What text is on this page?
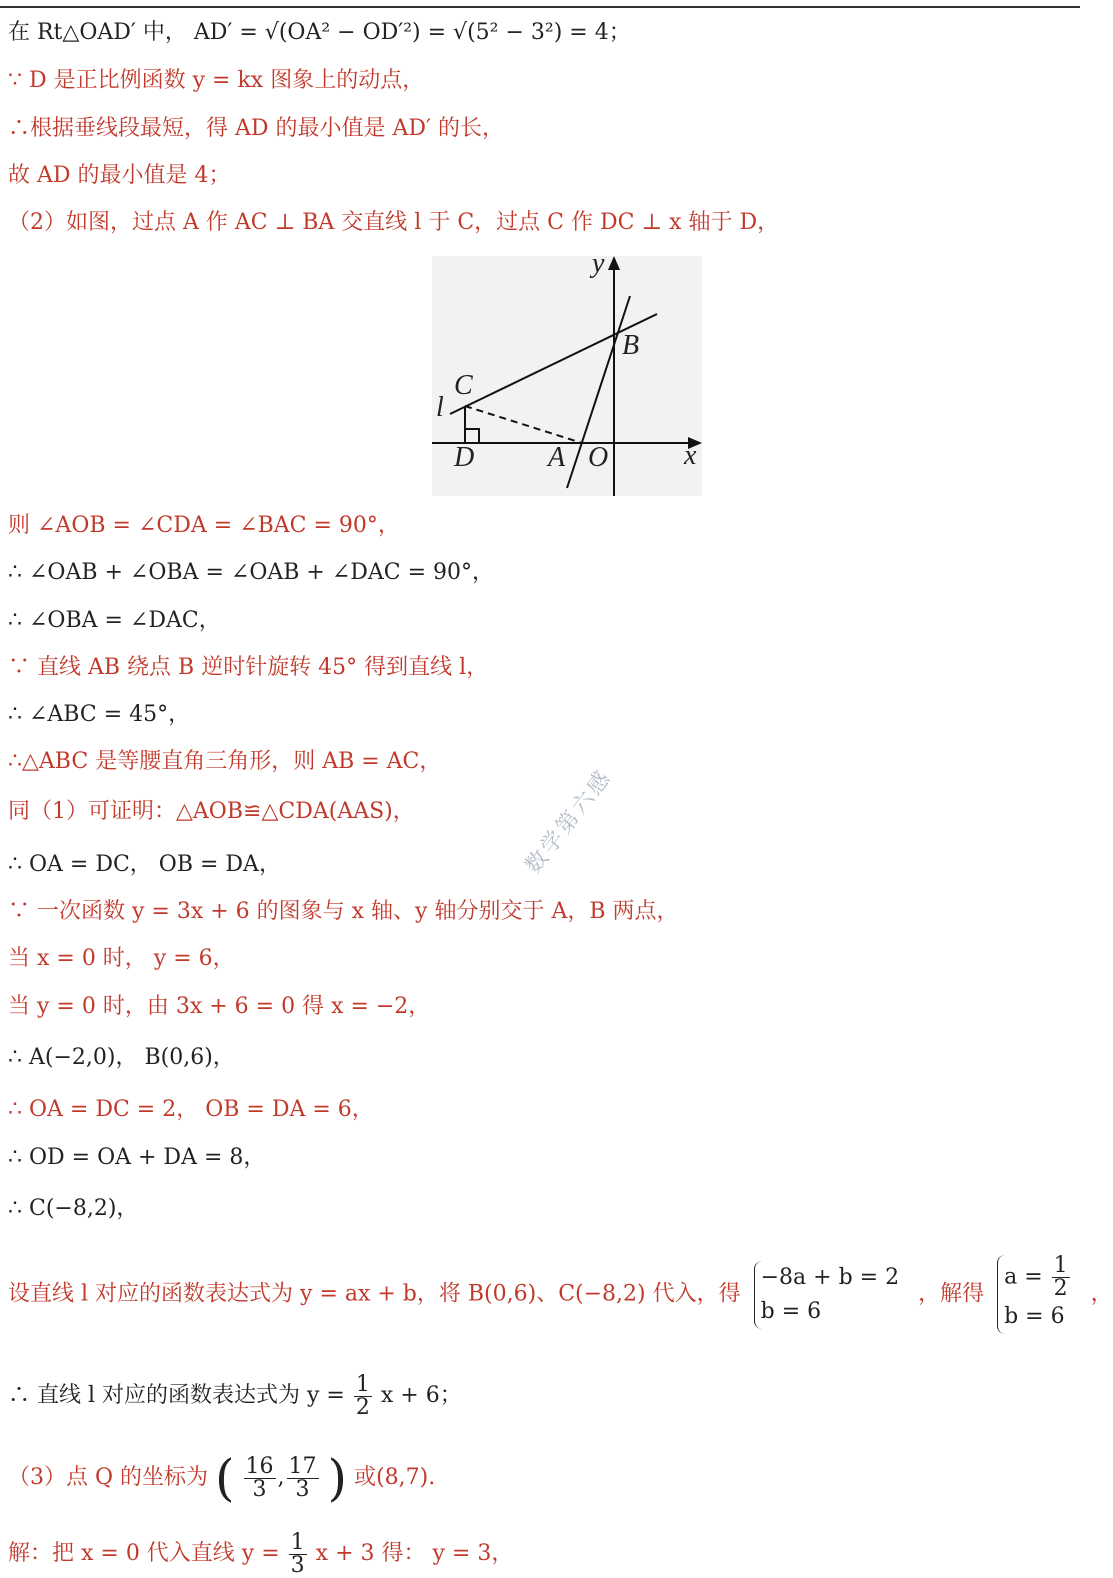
在 Rt△OAD′ 中， AD′ = √(OA² − OD′²) = √(5² − 3²) = 4；
∵ D 是正比例函数 y = kx 图象上的动点，
∴根据垂线段最短，得 AD 的最小值是 AD′ 的长，
故 AD 的最小值是 4；
（2）如图，过点 A 作 AC ⊥ BA 交直线 l 于 C，过点 C 作 DC ⊥ x 轴于 D，
y
x
B
C
l
D	A O
则 ∠AOB = ∠CDA = ∠BAC = 90°，
∴ ∠OAB + ∠OBA = ∠OAB + ∠DAC = 90°，
∴ ∠OBA = ∠DAC，
∵ 直线 AB 绕点 B 逆时针旋转 45° 得到直线 l，
∴ ∠ABC = 45°，
∴△ABC 是等腰直角三角形，则 AB = AC，
同（1）可证明：△AOB≌△CDA(AAS)，
∴ OA = DC， OB = DA，
∵ 一次函数 y = 3x + 6 的图象与 x 轴、y 轴分别交于 A，B 两点，
当 x = 0 时， y = 6，
当 y = 0 时，由 3x + 6 = 0 得 x = −2，
∴ A(−2,0)， B(0,6)，
∴ OA = DC = 2， OB = DA = 6，
∴ OD = OA + DA = 8，
∴ C(−8,2)，
设直线 l 对应的函数表达式为 y = ax + b，将 B(0,6)、C(−8,2) 代入，得
−8a + b = 2
b = 6
，解得
$a = \frac{1}{2}$
b = 6
，
∴ 直线 l 对应的函数表达式为 $y = \frac{1}{2}$ x + 6；
（3）点 Q 的坐标为 ( $\frac{16}{3}$ , $\frac{17}{3}$ ) 或(8,7).
解：把 x = 0 代入直线 $y = \frac{1}{3}$ x + 3 得： y = 3，
数学第六感
